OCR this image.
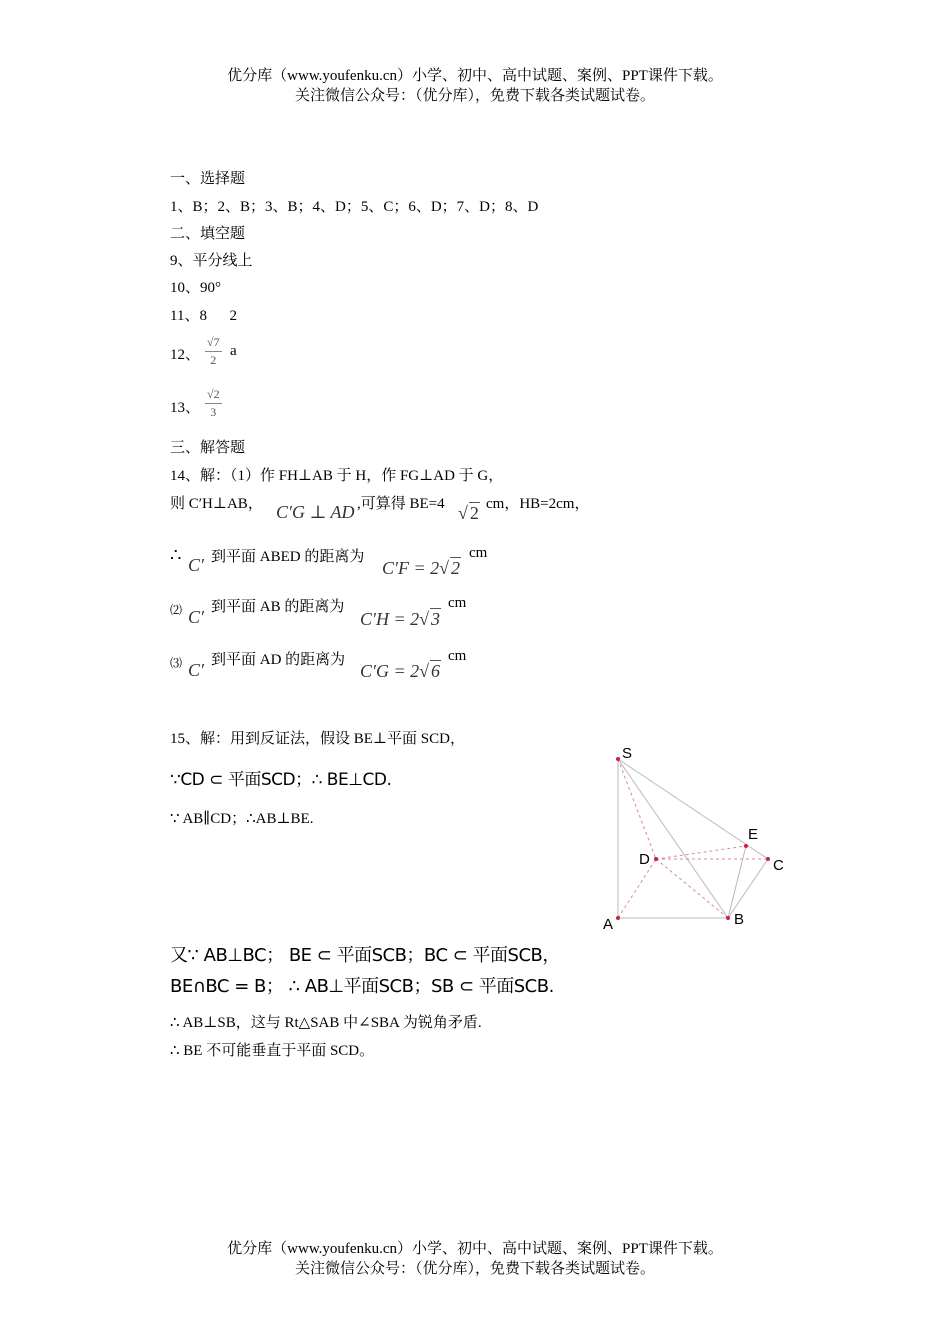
优分库（www.youfenku.cn）小学、初中、高中试题、案例、PPT课件下载。
关注微信公众号：（优分库），免费下载各类试题试卷。
一、选择题
1、B；2、B；3、B；4、D；5、C；6、D；7、D；8、D
二、填空题
9、平分线上
10、90°
11、8      2
12、 $\frac{√7}{2}$ a
13、 $\frac{√2}{3}$
三、解答题
14、解：（1）作 FH⊥AB 于 H，作 FG⊥AD 于 G，
则 C′H⊥AB， C′G ⊥ AD ,可算得 BE=4 √ 2 cm，HB=2cm，
∴ C′ 到平面 ABED 的距离为
C′F = 2√ 2
cm
⑵ C′ 到平面 AB 的距离为
C′H = 2√ 3
cm
⑶ C′ 到平面 AD 的距离为
C′G = 2√ 6
cm
15、解：用到反证法，假设 BE⊥平面 SCD，
∵CD ⊂ 平面SCD；∴ BE⊥CD.
∵ AB∥CD；∴AB⊥BE.
又∵ AB⊥BC； BE ⊂ 平面SCB；BC ⊂ 平面SCB，
BE∩BC = B； ∴ AB⊥平面SCB；SB ⊂ 平面SCB.
∴ AB⊥SB，这与 Rt△SAB 中∠SBA 为锐角矛盾.
∴ BE 不可能垂直于平面 SCD。
S
E
D	C
A	B
优分库（www.youfenku.cn）小学、初中、高中试题、案例、PPT课件下载。
关注微信公众号：（优分库），免费下载各类试题试卷。
